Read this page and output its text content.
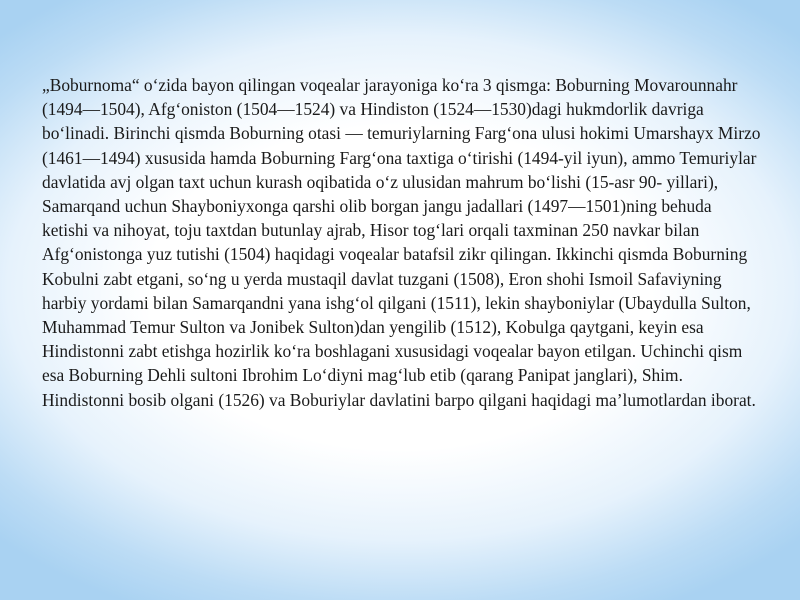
„Boburnoma“ o‘zida bayon qilingan voqealar jarayoniga ko‘ra 3 qismga: Boburning Movarounnahr (1494—1504), Afg‘oniston (1504—1524) va Hindiston (1524—1530)dagi hukmdorlik davriga bo‘linadi. Birinchi qismda Boburning otasi — temuriylarning Farg‘ona ulusi hokimi Umarshayx Mirzo (1461—1494) xususida hamda Boburning Farg‘ona taxtiga o‘tirishi (1494-yil iyun), ammo Temuriylar davlatida avj olgan taxt uchun kurash oqibatida o‘z ulusidan mahrum bo‘lishi (15-asr 90- yillari), Samarqand uchun Shayboniyxonga qarshi olib borgan jangu jadallari (1497—1501)ning behuda ketishi va nihoyat, toju taxtdan butunlay ajrab, Hisor tog‘lari orqali taxminan 250 navkar bilan Afg‘onistonga yuz tutishi (1504) haqidagi voqealar batafsil zikr qilingan. Ikkinchi qismda Boburning Kobulni zabt etgani, so‘ng u yerda mustaqil davlat tuzgani (1508), Eron shohi Ismoil Safaviyning harbiy yordami bilan Samarqandni yana ishg‘ol qilgani (1511), lekin shayboniylar (Ubaydulla Sulton, Muhammad Temur Sulton va Jonibek Sulton)dan yengilib (1512), Kobulga qaytgani, keyin esa Hindistonni zabt etishga hozirlik ko‘ra boshlagani xususidagi voqealar bayon etilgan. Uchinchi qism esa Boburning Dehli sultoni Ibrohim Lo‘diyni mag‘lub etib (qarang Panipat janglari), Shim. Hindistonni bosib olgani (1526) va Boburiylar davlatini barpo qilgani haqidagi ma’lumotlardan iborat.
